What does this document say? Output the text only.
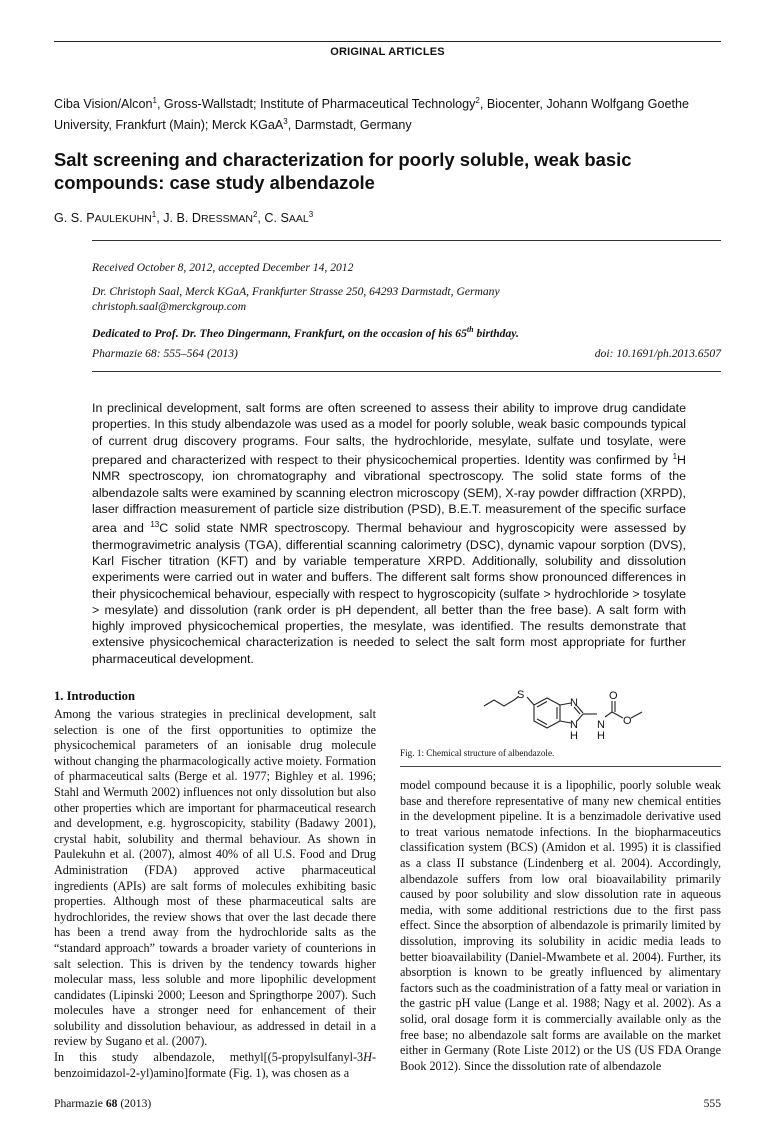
ORIGINAL ARTICLES
Ciba Vision/Alcon$^1$, Gross-Wallstadt; Institute of Pharmaceutical Technology$^2$, Biocenter, Johann Wolfgang Goethe University, Frankfurt (Main); Merck KGaA$^3$, Darmstadt, Germany
Salt screening and characterization for poorly soluble, weak basic
compounds: case study albendazole
G. S. PAULEKUHN$^1$, J. B. DRESSMAN$^2$, C. SAAL$^3$
Received October 8, 2012, accepted December 14, 2012
Dr. Christoph Saal, Merck KGaA, Frankfurter Strasse 250, 64293 Darmstadt, Germany
christoph.saal@merckgroup.com
Dedicated to Prof. Dr. Theo Dingermann, Frankfurt, on the occasion of his 65th birthday.
Pharmazie 68: 555–564 (2013)	doi: 10.1691/ph.2013.6507
In preclinical development, salt forms are often screened to assess their ability to improve drug candidate properties. In this study albendazole was used as a model for poorly soluble, weak basic compounds typical of current drug discovery programs. Four salts, the hydrochloride, mesylate, sulfate und tosylate, were prepared and characterized with respect to their physicochemical properties. Identity was confirmed by $^1$H NMR spectroscopy, ion chromatography and vibrational spectroscopy. The solid state forms of the albendazole salts were examined by scanning electron microscopy (SEM), X-ray powder diffraction (XRPD), laser diffraction measurement of particle size distribution (PSD), B.E.T. measurement of the specific surface area and $^{13}$C solid state NMR spectroscopy. Thermal behaviour and hygroscopicity were assessed by thermogravimetric analysis (TGA), differential scanning calorimetry (DSC), dynamic vapour sorption (DVS), Karl Fischer titration (KFT) and by variable temperature XRPD. Additionally, solubility and dissolution experiments were carried out in water and buffers. The different salt forms show pronounced differences in their physicochemical behaviour, especially with respect to hygroscopicity (sulfate > hydrochloride > tosylate > mesylate) and dissolution (rank order is pH dependent, all better than the free base). A salt form with highly improved physicochemical properties, the mesylate, was identified. The results demonstrate that extensive physicochemical characterization is needed to select the salt form most appropriate for further pharmaceutical development.
1. Introduction

Among the various strategies in preclinical development, salt selection is one of the first opportunities to optimize the physicochemical parameters of an ionisable drug molecule without changing the pharmacologically active moiety. Formation of pharmaceutical salts (Berge et al. 1977; Bighley et al. 1996; Stahl and Wermuth 2002) influences not only dissolution but also other properties which are important for pharmaceutical research and development, e.g. hygroscopicity, stability (Badawy 2001), crystal habit, solubility and thermal behaviour. As shown in Paulekuhn et al. (2007), almost 40% of all U.S. Food and Drug Administration (FDA) approved active pharmaceutical ingredients (APIs) are salt forms of molecules exhibiting basic properties. Although most of these pharmaceutical salts are hydrochlorides, the review shows that over the last decade there has been a trend away from the hydrochloride salts as the “standard approach” towards a broader variety of counterions in salt selection. This is driven by the tendency towards higher molecular mass, less soluble and more lipophilic development candidates (Lipinski 2000; Leeson and Springthorpe 2007). Such molecules have a stronger need for enhancement of their solubility and dissolution behaviour, as addressed in detail in a review by Sugano et al. (2007).

In this study albendazole, methyl[(5-propylsulfanyl-3H-benzoimidazol-2-yl)amino]formate (Fig. 1), was chosen as a

S
N
N
H
N
H
O
O
Fig. 1: Chemical structure of albendazole.

model compound because it is a lipophilic, poorly soluble weak base and therefore representative of many new chemical entities in the development pipeline. It is a benzimadole derivative used to treat various nematode infections. In the biopharmaceutics classification system (BCS) (Amidon et al. 1995) it is classified as a class II substance (Lindenberg et al. 2004). Accordingly, albendazole suffers from low oral bioavailability primarily caused by poor solubility and slow dissolution rate in aqueous media, with some additional restrictions due to the first pass effect. Since the absorption of albendazole is primarily limited by dissolution, improving its solubility in acidic media leads to better bioavailability (Daniel-Mwambete et al. 2004). Further, its absorption is known to be greatly influenced by alimentary factors such as the coadministration of a fatty meal or variation in the gastric pH value (Lange et al. 1988; Nagy et al. 2002). As a solid, oral dosage form it is commercially available only as the free base; no albendazole salt forms are available on the market either in Germany (Rote Liste 2012) or the US (US FDA Orange Book 2012). Since the dissolution rate of albendazole

Pharmazie 68 (2013)	555
